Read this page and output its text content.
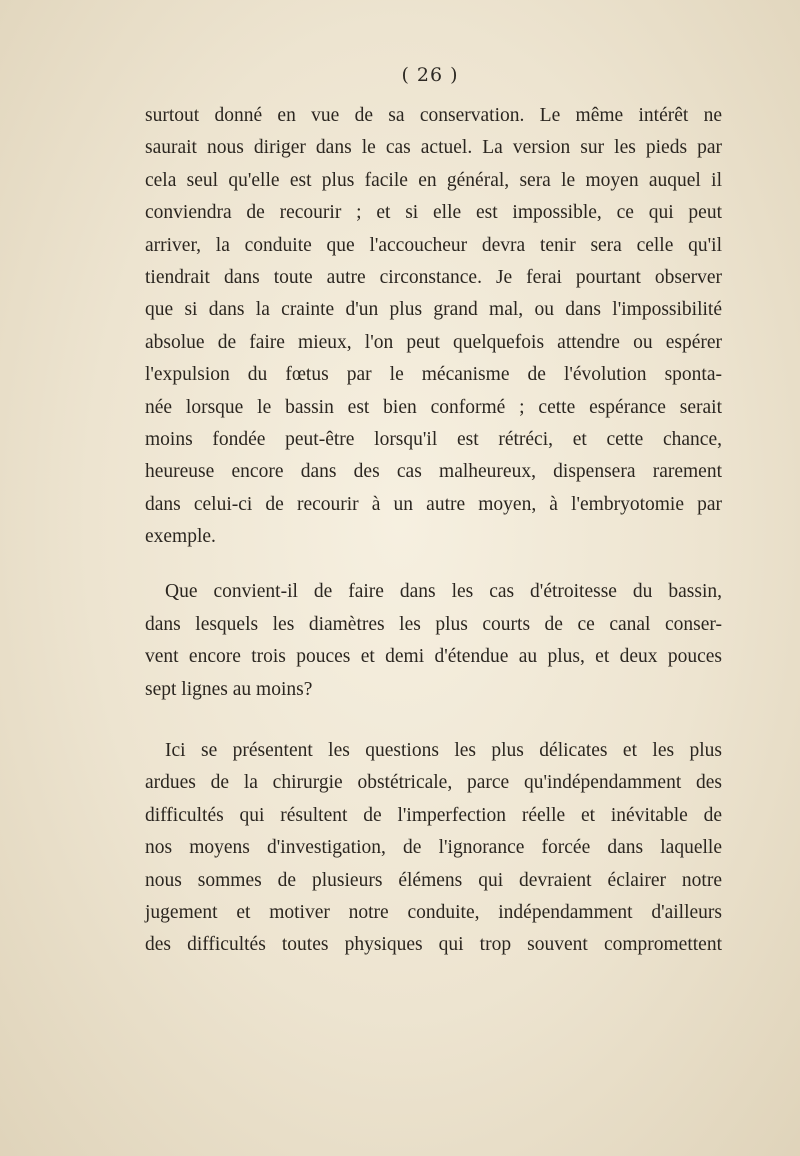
( 26 )
surtout donné en vue de sa conservation. Le même intérêt ne
saurait nous diriger dans le cas actuel. La version sur les pieds par
cela seul qu'elle est plus facile en général, sera le moyen auquel il
conviendra de recourir ; et si elle est impossible, ce qui peut
arriver, la conduite que l'accoucheur devra tenir sera celle qu'il
tiendrait dans toute autre circonstance. Je ferai pourtant observer
que si dans la crainte d'un plus grand mal, ou dans l'impossibilité
absolue de faire mieux, l'on peut quelquefois attendre ou espérer
l'expulsion du fœtus par le mécanisme de l'évolution sponta-
née lorsque le bassin est bien conformé ; cette espérance serait
moins fondée peut-être lorsqu'il est rétréci, et cette chance,
heureuse encore dans des cas malheureux, dispensera rarement
dans celui-ci de recourir à un autre moyen, à l'embryotomie par
exemple.
Que convient-il de faire dans les cas d'étroitesse du bassin,
dans lesquels les diamètres les plus courts de ce canal conser-
vent encore trois pouces et demi d'étendue au plus, et deux pouces
sept lignes au moins?
Ici se présentent les questions les plus délicates et les plus
ardues de la chirurgie obstétricale, parce qu'indépendamment des
difficultés qui résultent de l'imperfection réelle et inévitable de
nos moyens d'investigation, de l'ignorance forcée dans laquelle
nous sommes de plusieurs élémens qui devraient éclairer notre
jugement et motiver notre conduite, indépendamment d'ailleurs
des difficultés toutes physiques qui trop souvent compromettent
